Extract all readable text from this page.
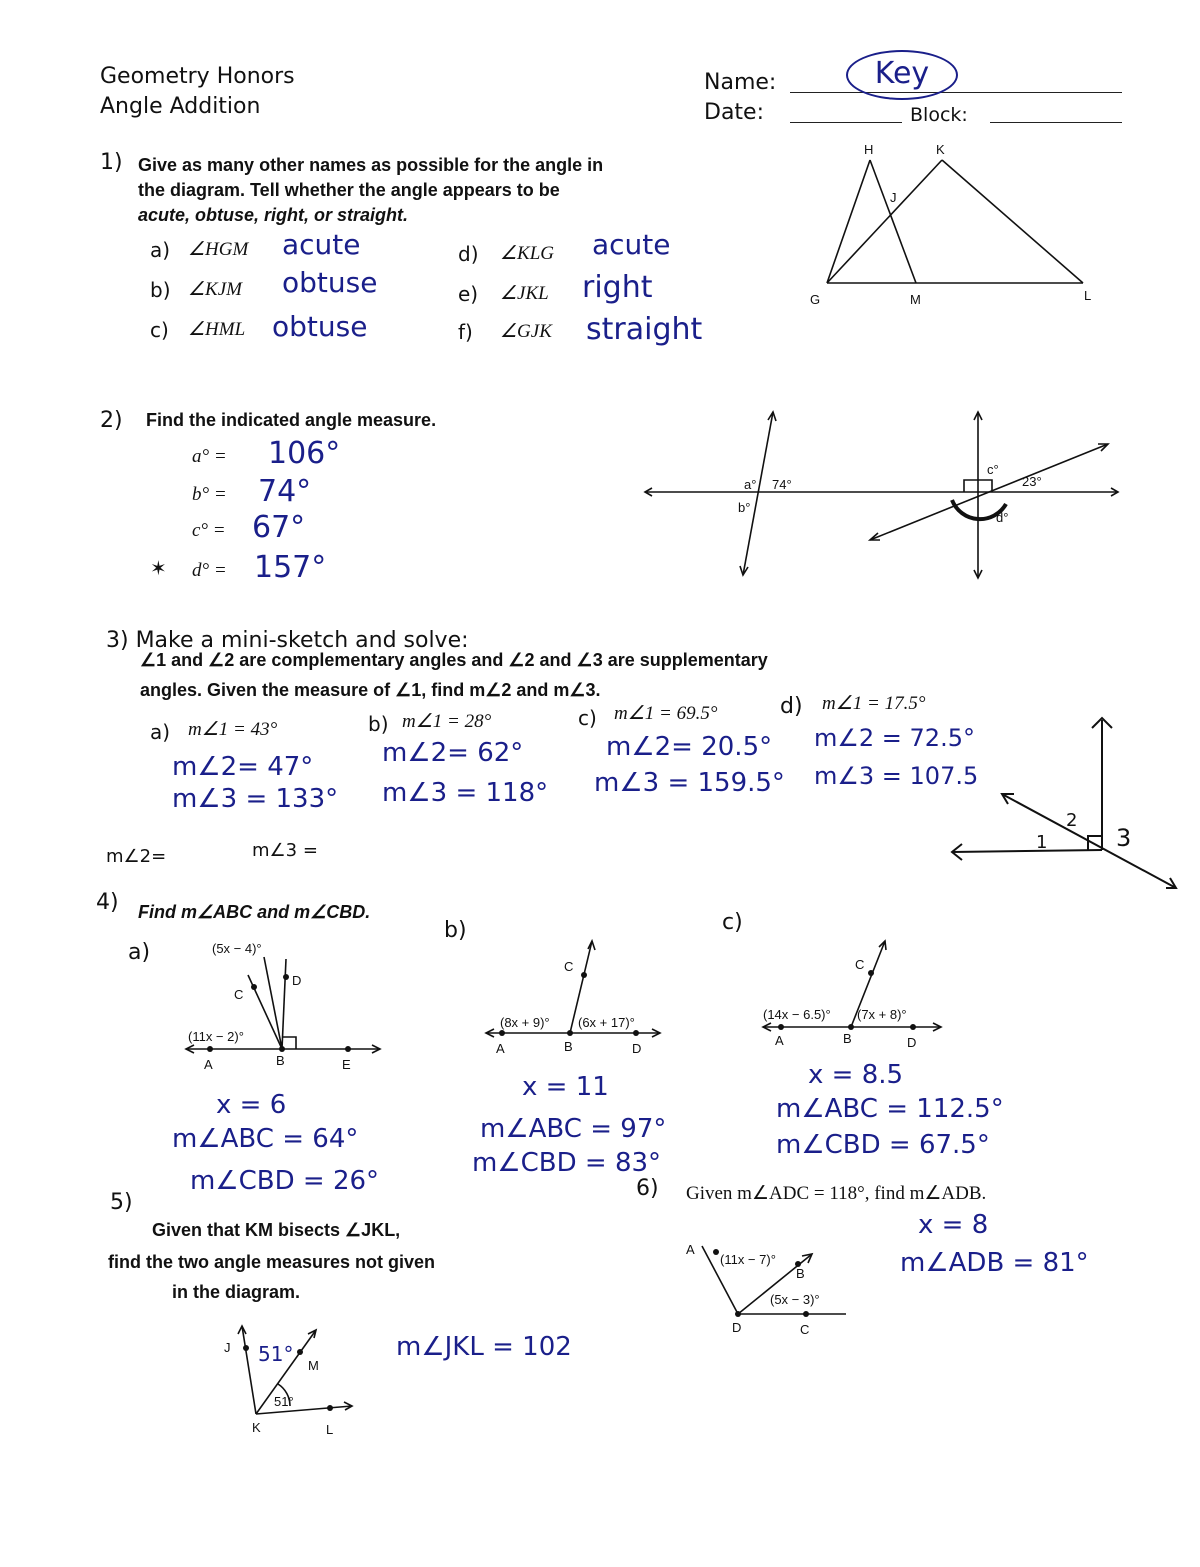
Geometry Honors
Angle Addition
Name:	Key
Date:	Block:
1) Give as many other names as possible for the angle in
the diagram. Tell whether the angle appears to be
acute, obtuse, right, or straight.
a) ∠HGM acute
b) ∠KJM obtuse
c) ∠HML obtuse
d) ∠KLG acute
e) ∠JKL right
f) ∠GJK straight
H	K
J
G	M	L
2) Find the indicated angle measure.
a° = 106°
b° = 74°
c° = 67°
✶ d° = 157°
a°
b°
74°
c°
23°
d°
3) Make a mini-sketch and solve:
∠1 and ∠2 are complementary angles and ∠2 and ∠3 are supplementary
angles. Given the measure of ∠1, find m∠2 and m∠3.
a) m∠1 = 43°
m∠2= 47°
m∠3 = 133°
b) m∠1 = 28°
m∠2= 62°
m∠3 = 118°
c) m∠1 = 69.5°
m∠2= 20.5°
m∠3 = 159.5°
d) m∠1 = 17.5°
m∠2 = 72.5°
m∠3 = 107.5
m∠2=	m∠3 =	1
2
3
4) Find m∠ABC and m∠CBD.
a)	(5x − 4)°
(11x − 2)°
C
D
A	B	E
x = 6
m∠ABC = 64°
m∠CBD = 26°
b)
C
(8x + 9)° (6x + 17)°
A	B	D
x = 11
m∠ABC = 97°
m∠CBD = 83°
c)
C
(14x − 6.5)° (7x + 8)°
A	B	D
x = 8.5
m∠ABC = 112.5°
m∠CBD = 67.5°
5)
Given that KM bisects ∠JKL,
find the two angle measures not given
in the diagram.
J
M
K	L
51°
51°	m∠JKL = 102
6) Given m∠ADC = 118°, find m∠ADB.
A
(11x − 7)°
B
(5x − 3)°
D	C
x = 8
m∠ADB = 81°
